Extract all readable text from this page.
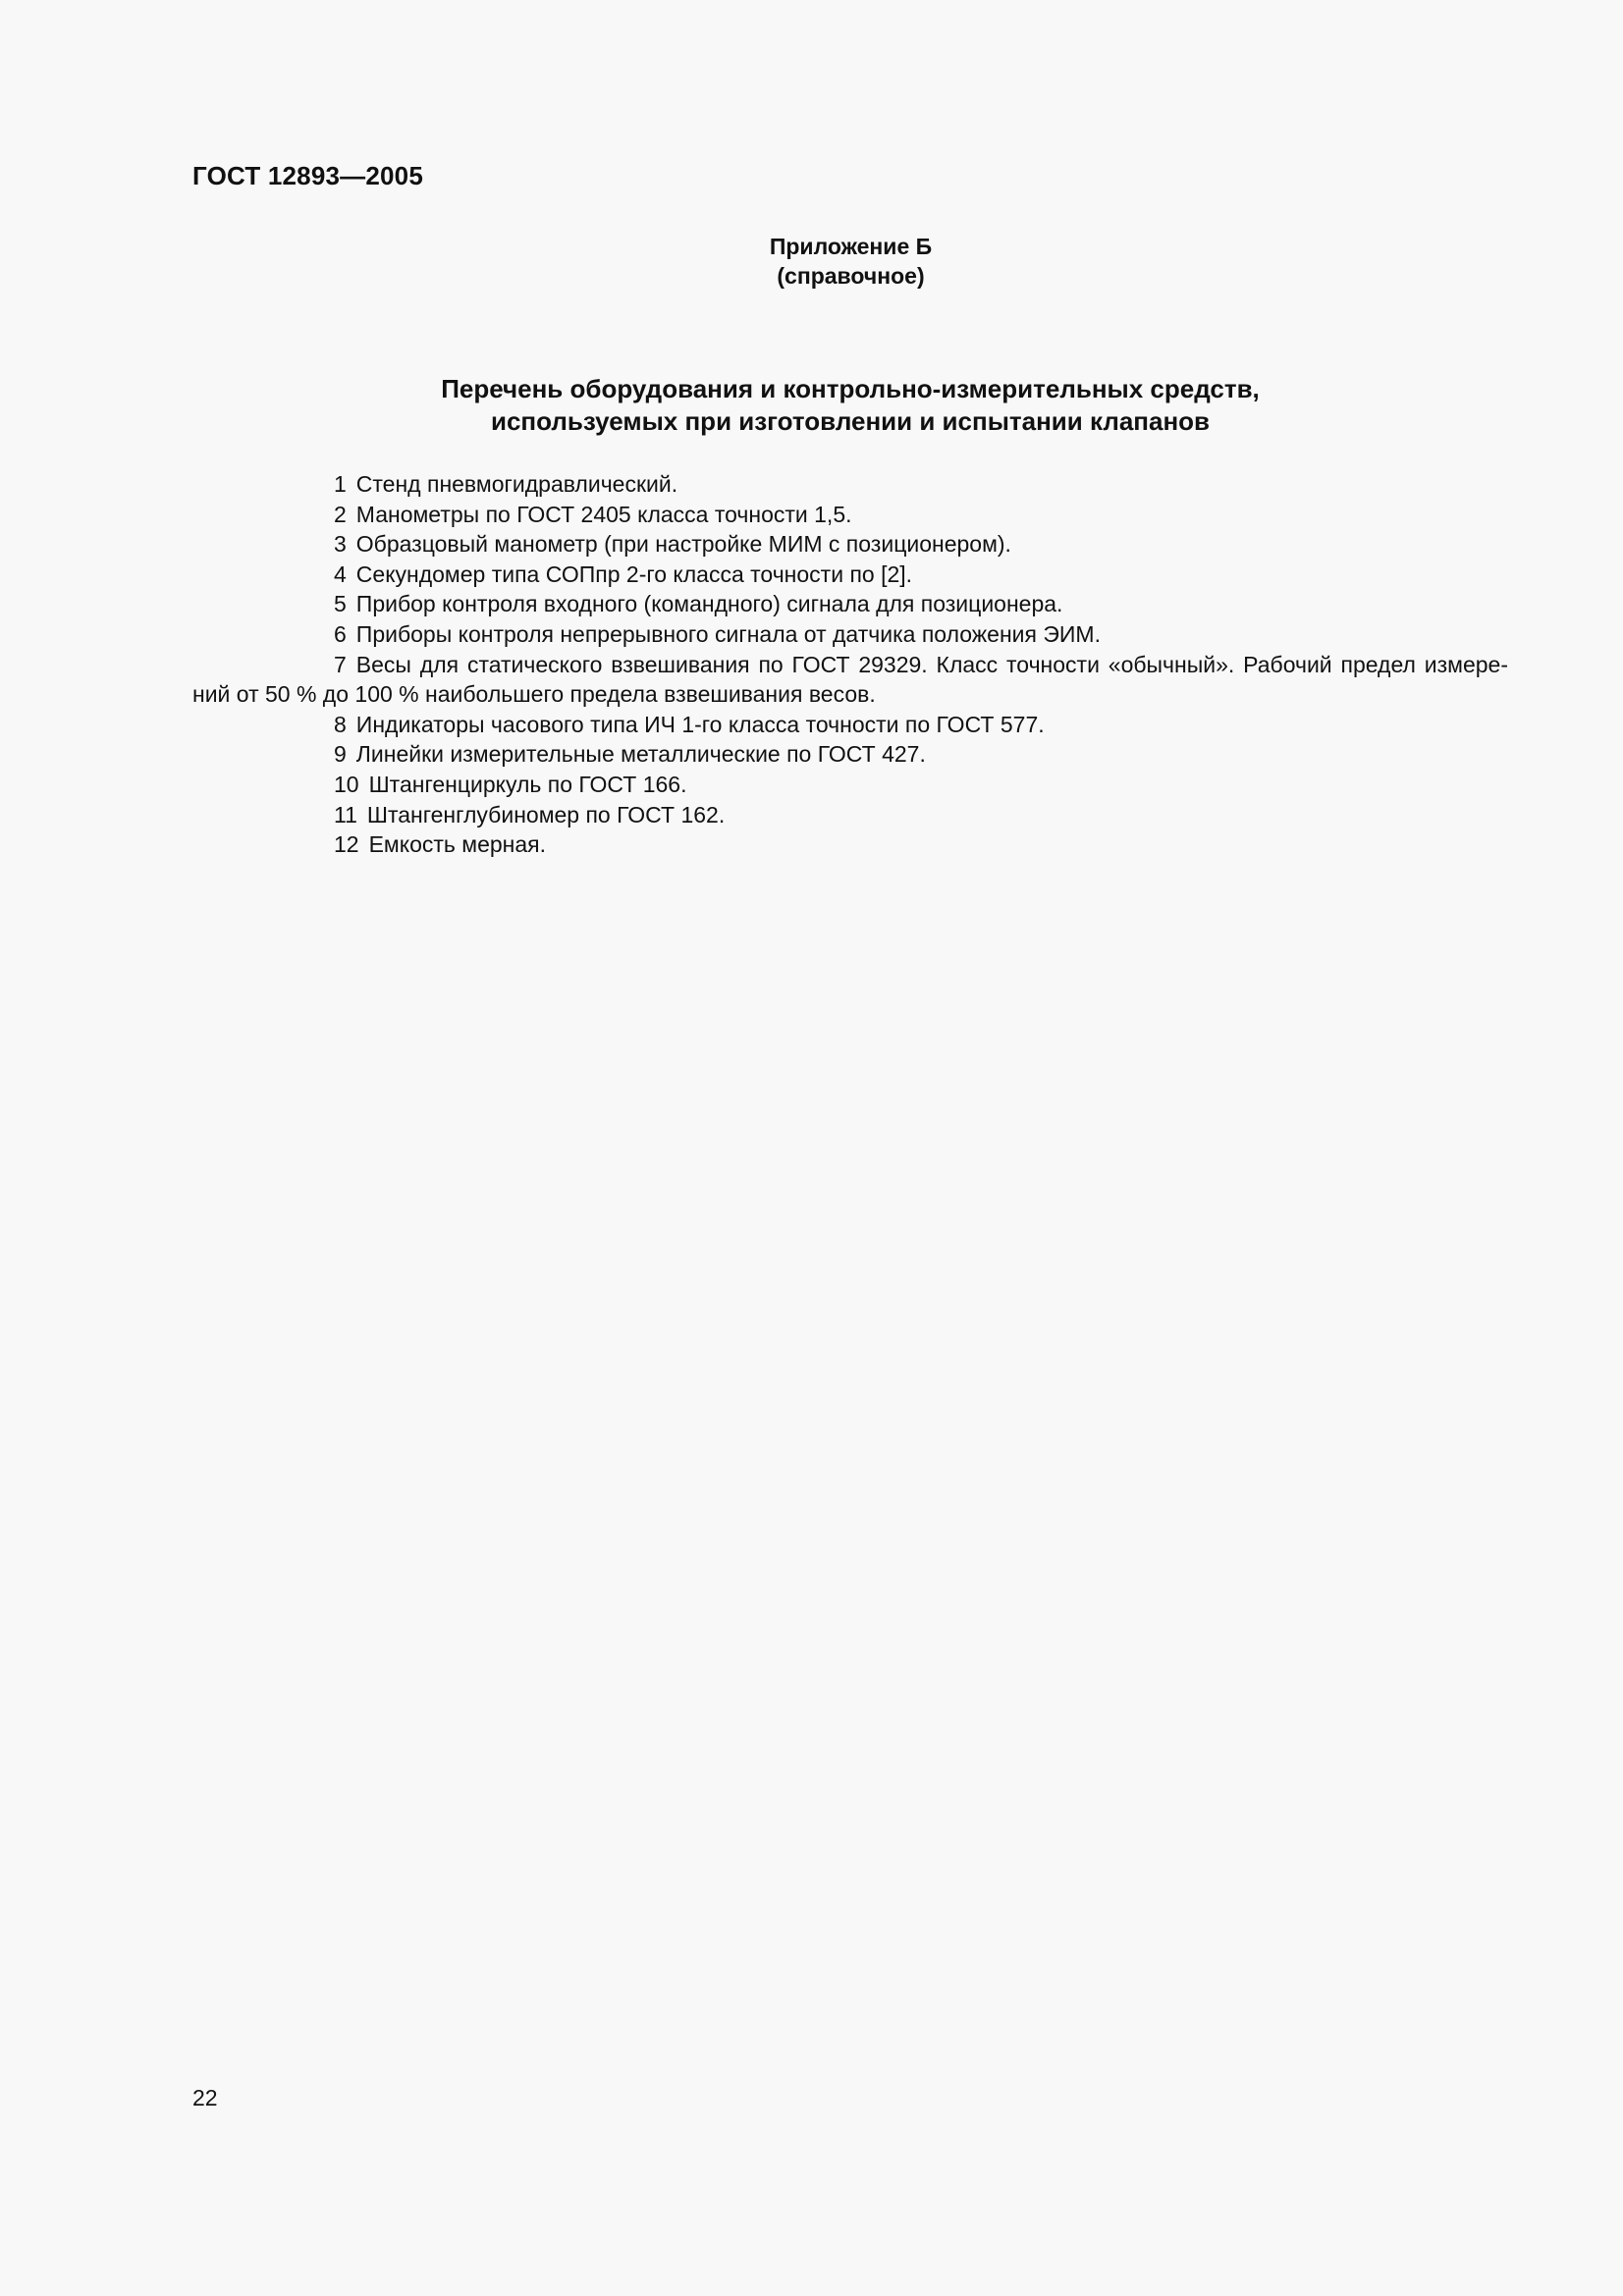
ГОСТ 12893—2005
Приложение Б
(справочное)
Перечень оборудования и контрольно-измерительных средств,
используемых при изготовлении и испытании клапанов

1 Стенд пневмогидравлический.

2 Манометры по ГОСТ 2405 класса точности 1,5.

3 Образцовый манометр (при настройке МИМ с позиционером).

4 Секундомер типа СОПпр 2-го класса точности по [2].

5 Прибор контроля входного (командного) сигнала для позиционера.

6 Приборы контроля непрерывного сигнала от датчика положения ЭИМ.

7 Весы для статического взвешивания по ГОСТ 29329. Класс точности «обычный». Рабочий предел измере-ний от 50 % до 100 % наибольшего предела взвешивания весов.

8 Индикаторы часового типа ИЧ 1-го класса точности по ГОСТ 577.

9 Линейки измерительные металлические по ГОСТ 427.

10 Штангенциркуль по ГОСТ 166.

11 Штангенглубиномер по ГОСТ 162.

12 Емкость мерная.

22
